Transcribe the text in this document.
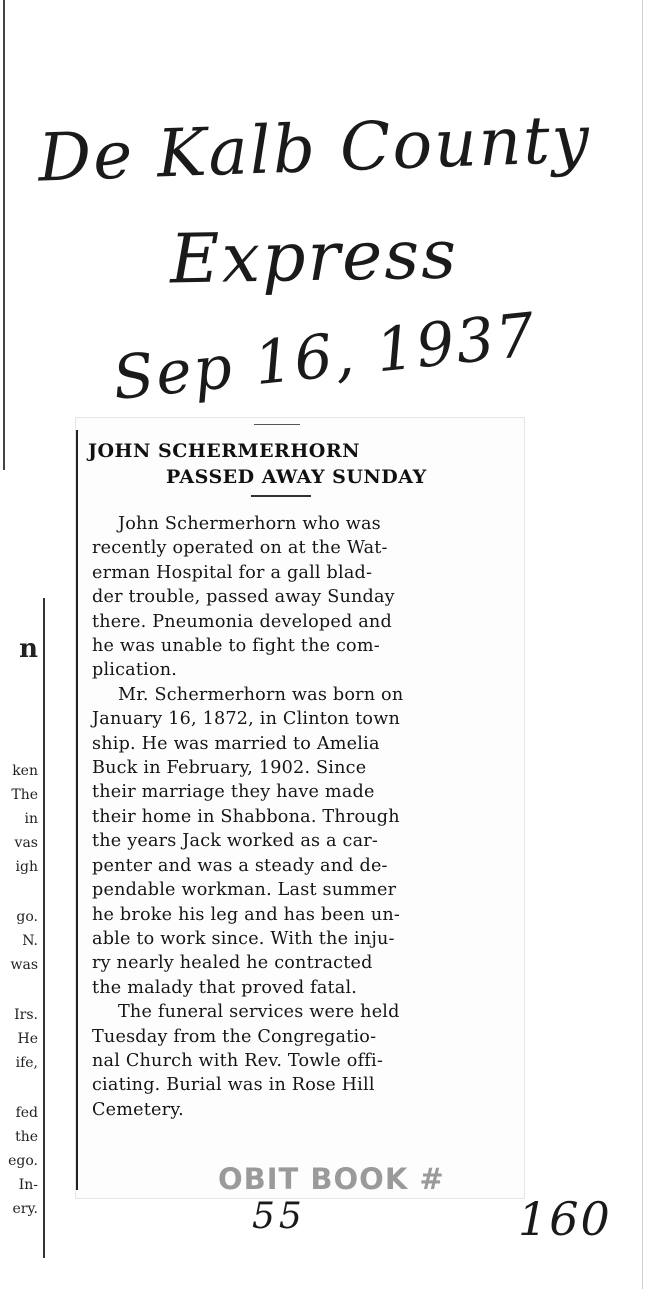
De Kalb County
Express
Sep 16, 1937
n
ken
The
in
vas
igh
go.
N.
was
Irs.
He
ife,
fed
the
ego.
In-
ery.
JOHN SCHERMERHORN
PASSED AWAY SUNDAY
John Schermerhorn who was
recently operated on at the Wat-
erman Hospital for a gall blad-
der trouble, passed away Sunday
there. Pneumonia developed and
he was unable to fight the com-
plication.
Mr. Schermerhorn was born on
January 16, 1872, in Clinton town
ship. He was married to Amelia
Buck in February, 1902. Since
their marriage they have made
their home in Shabbona. Through
the years Jack worked as a car-
penter and was a steady and de-
pendable workman. Last summer
he broke his leg and has been un-
able to work since. With the inju-
ry nearly healed he contracted
the malady that proved fatal.
The funeral services were held
Tuesday from the Congregatio-
nal Church with Rev. Towle offi-
ciating. Burial was in Rose Hill
Cemetery.
OBIT BOOK #
55	160
